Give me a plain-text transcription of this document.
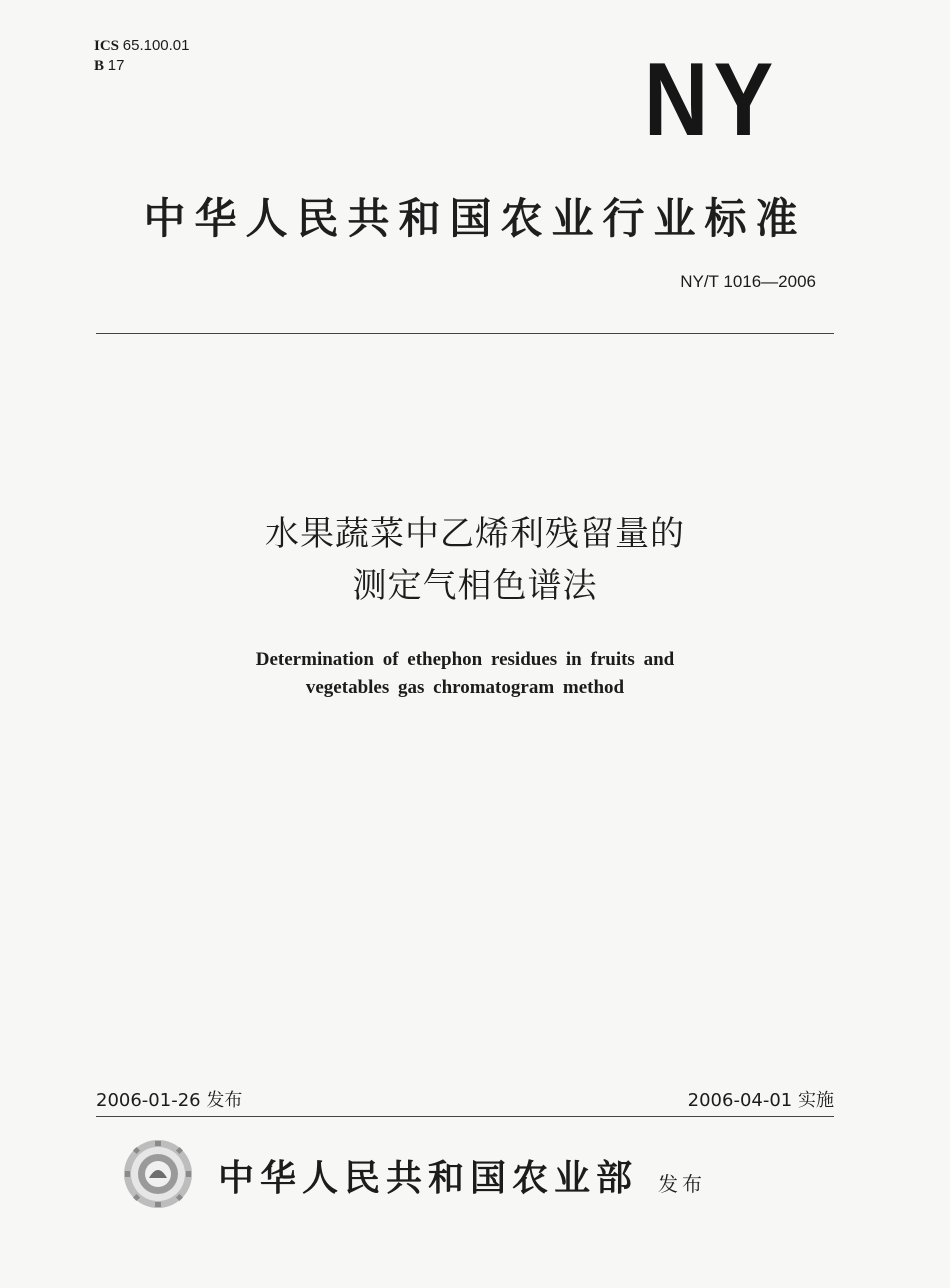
ICS 65.100.01
B 17	NY
中华人民共和国农业行业标准
NY/T 1016—2006
水果蔬菜中乙烯利残留量的
测定气相色谱法
Determination of ethephon residues in fruits and
vegetables gas chromatogram method
2006-01-26 发布	2006-04-01 实施
中华人民共和国农业部 发布
